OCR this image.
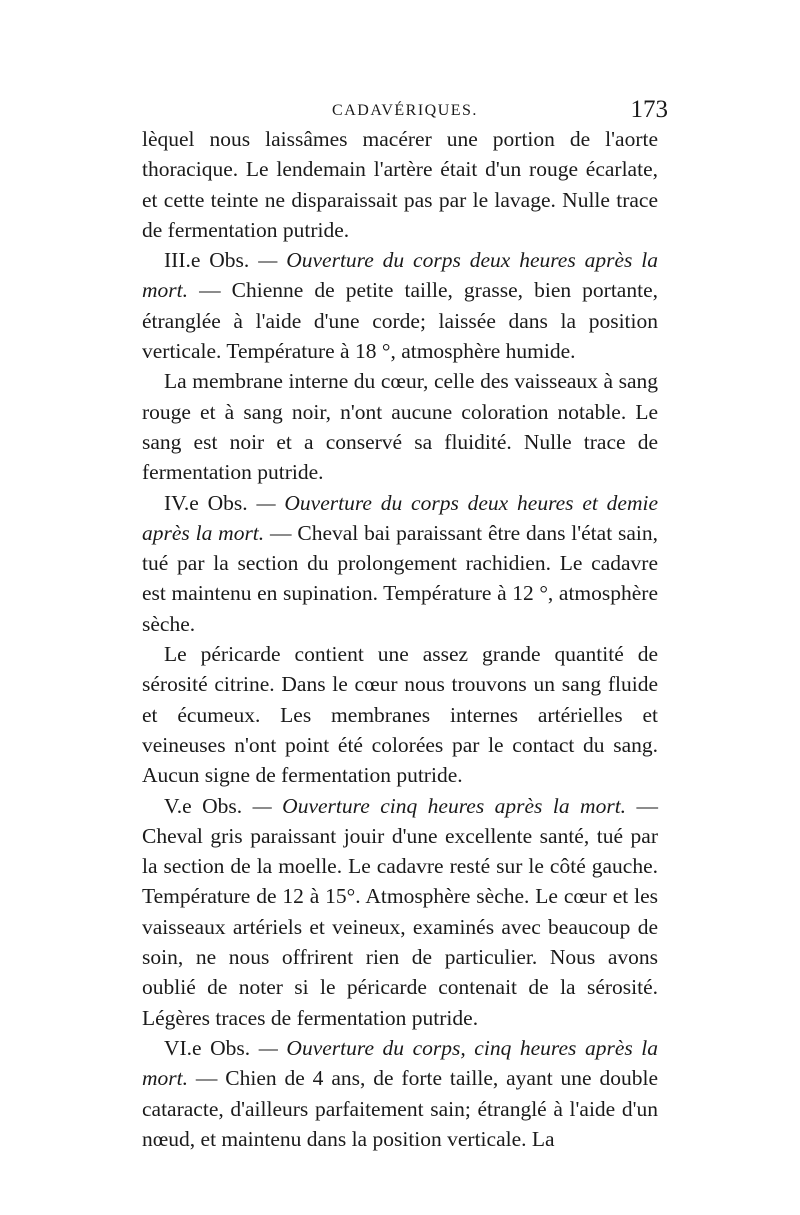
CADAVÉRIQUES.	173

lèquel nous laissâmes macérer une portion de l'aorte thoracique. Le lendemain l'artère était d'un rouge écarlate, et cette teinte ne disparaissait pas par le lavage. Nulle trace de fermentation putride.

III.e Obs. — Ouverture du corps deux heures après la mort. — Chienne de petite taille, grasse, bien portante, étranglée à l'aide d'une corde; laissée dans la position verticale. Température à 18 °, atmosphère humide.

La membrane interne du cœur, celle des vaisseaux à sang rouge et à sang noir, n'ont aucune coloration notable. Le sang est noir et a conservé sa fluidité. Nulle trace de fermentation putride.

IV.e Obs. — Ouverture du corps deux heures et demie après la mort. — Cheval bai paraissant être dans l'état sain, tué par la section du prolongement rachidien. Le cadavre est maintenu en supination. Température à 12 °, atmosphère sèche.

Le péricarde contient une assez grande quantité de sérosité citrine. Dans le cœur nous trouvons un sang fluide et écumeux. Les membranes internes artérielles et veineuses n'ont point été colorées par le contact du sang. Aucun signe de fermentation putride.

V.e Obs. — Ouverture cinq heures après la mort. — Cheval gris paraissant jouir d'une excellente santé, tué par la section de la moelle. Le cadavre resté sur le côté gauche. Température de 12 à 15°. Atmosphère sèche. Le cœur et les vaisseaux artériels et veineux, examinés avec beaucoup de soin, ne nous offrirent rien de particulier. Nous avons oublié de noter si le péricarde contenait de la sérosité. Légères traces de fermentation putride.

VI.e Obs. — Ouverture du corps, cinq heures après la mort. — Chien de 4 ans, de forte taille, ayant une double cataracte, d'ailleurs parfaitement sain; étranglé à l'aide d'un nœud, et maintenu dans la position verticale. La
